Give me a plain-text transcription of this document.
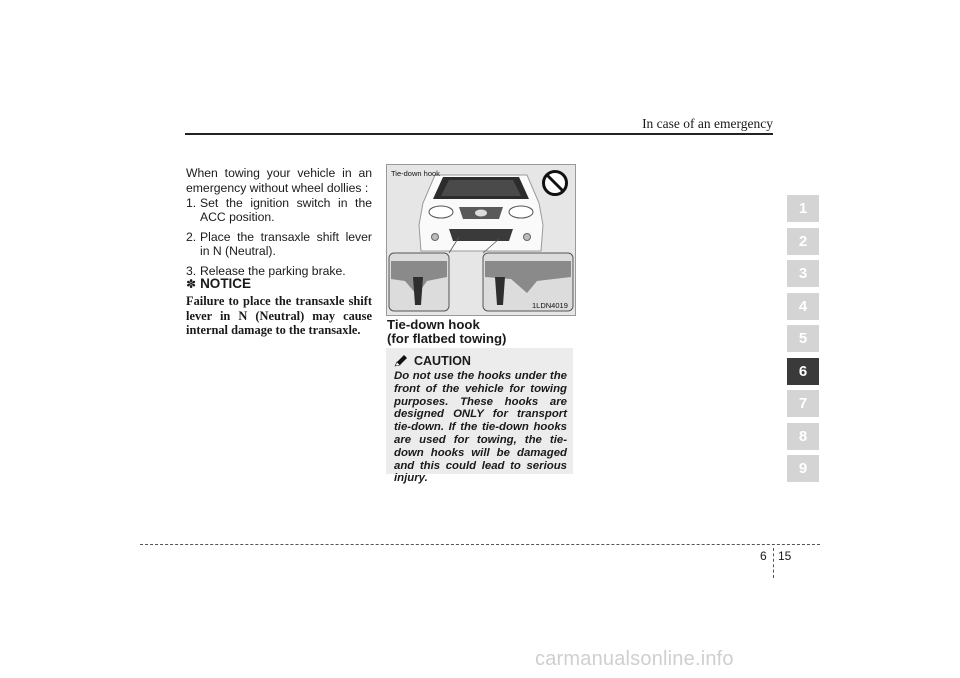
In case of an emergency
When towing your vehicle in an emergency without wheel dollies :
1. Set the ignition switch in the ACC position.
2. Place the transaxle shift lever in N (Neutral).
3. Release the parking brake.
✽ NOTICE
Failure to place the transaxle shift lever in N (Neutral) may cause internal damage to the transaxle.
Tie-down hook
1LDN4019
Tie-down hook
(for flatbed towing)
CAUTION
Do not use the hooks under the front of the vehicle for towing purposes. These hooks are designed ONLY for transport tie-down. If the tie-down hooks are used for towing, the tie-down hooks will be damaged and this could lead to serious injury.
1
2
3
4
5
6
7
8
9
6 15
carmanualsonline.info
